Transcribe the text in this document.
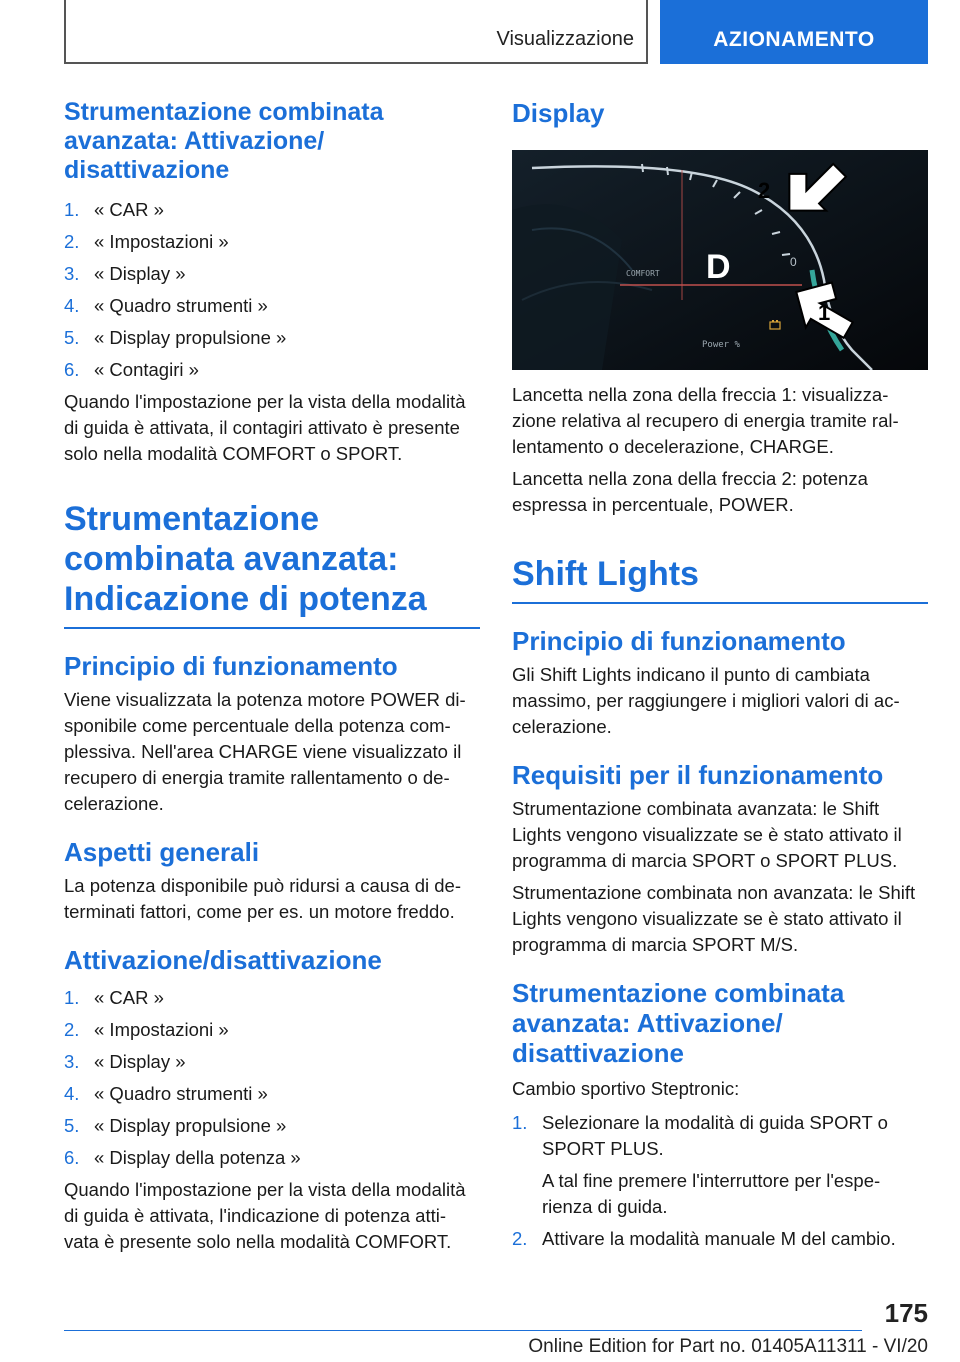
Visualizzazione	AZIONAMENTO
Strumentazione combinata avanzata: Attivazione/ disattivazione
1. « CAR »
2. « Impostazioni »
3. « Display »
4. « Quadro strumenti »
5. « Display propulsione »
6. « Contagiri »

Quando l'impostazione per la vista della modalità di guida è attivata, il contagiri attivato è presente solo nella modalità COMFORT o SPORT.

Strumentazione combinata avanzata: Indicazione di potenza
Principio di funzionamento

Viene visualizzata la potenza motore POWER di-sponibile come percentuale della potenza com-plessiva. Nell'area CHARGE viene visualizzato il recupero di energia tramite rallentamento o de-celerazione.

Aspetti generali

La potenza disponibile può ridursi a causa di de-terminati fattori, come per es. un motore freddo.

Attivazione/disattivazione
1. « CAR »
2. « Impostazioni »
3. « Display »
4. « Quadro strumenti »
5. « Display propulsione »
6. « Display della potenza »

Quando l'impostazione per la vista della modalità di guida è attivata, l'indicazione di potenza atti-vata è presente solo nella modalità COMFORT.

Display
D
COMFORT
0
Power %
2
1

Lancetta nella zona della freccia 1: visualizza-zione relativa al recupero di energia tramite ral-lentamento o decelerazione, CHARGE.

Lancetta nella zona della freccia 2: potenza espressa in percentuale, POWER.

Shift Lights
Principio di funzionamento

Gli Shift Lights indicano il punto di cambiata massimo, per raggiungere i migliori valori di ac-celerazione.

Requisiti per il funzionamento

Strumentazione combinata avanzata: le Shift Lights vengono visualizzate se è stato attivato il programma di marcia SPORT o SPORT PLUS.

Strumentazione combinata non avanzata: le Shift Lights vengono visualizzate se è stato attivato il programma di marcia SPORT M/S.

Strumentazione combinata avanzata: Attivazione/ disattivazione

Cambio sportivo Steptronic:

1. Selezionare la modalità di guida SPORT o SPORT PLUS.
A tal fine premere l'interruttore per l'espe-rienza di guida.
2. Attivare la modalità manuale M del cambio.
175
Online Edition for Part no. 01405A11311 - VI/20
